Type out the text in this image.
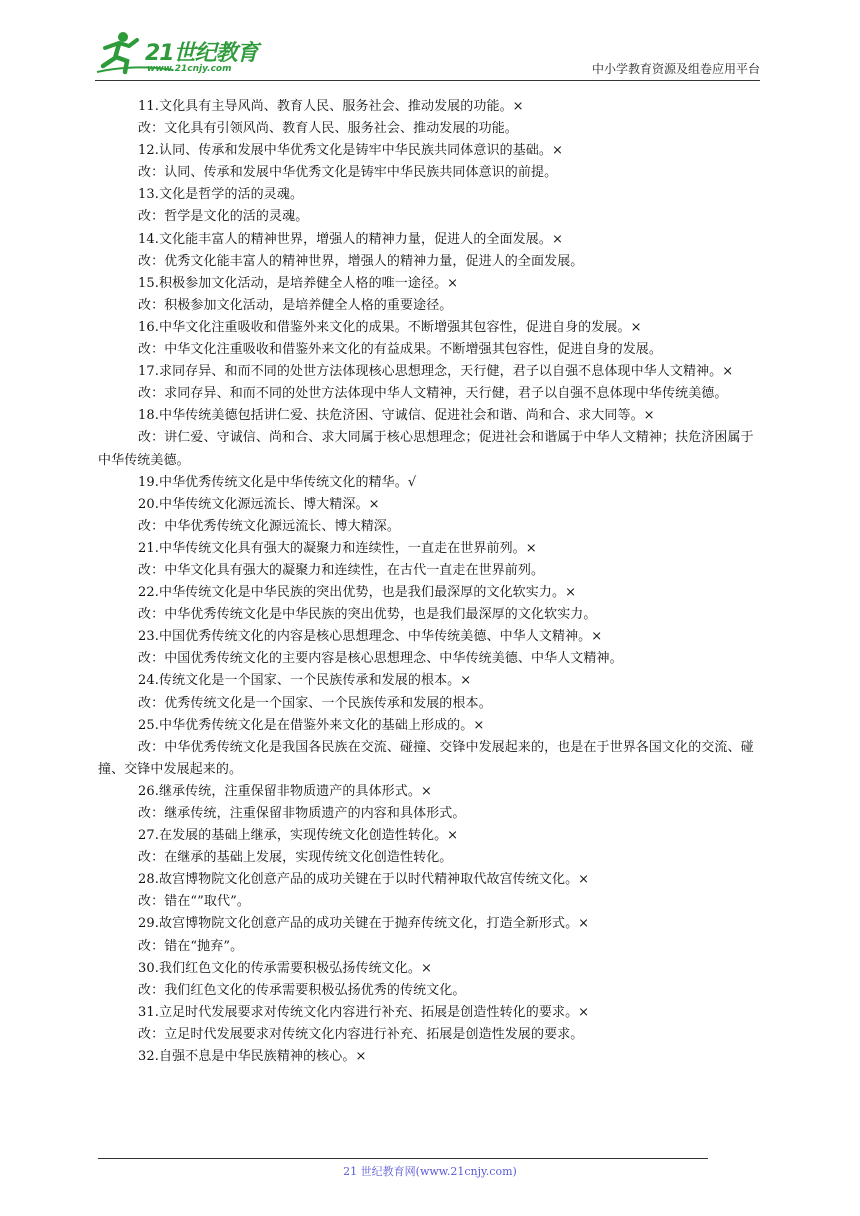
21世纪教育
www.21cnjy.com	中小学教育资源及组卷应用平台

11.文化具有主导风尚、教育人民、服务社会、推动发展的功能。×

改：文化具有引领风尚、教育人民、服务社会、推动发展的功能。

12.认同、传承和发展中华优秀文化是铸牢中华民族共同体意识的基础。×

改：认同、传承和发展中华优秀文化是铸牢中华民族共同体意识的前提。

13.文化是哲学的活的灵魂。

改：哲学是文化的活的灵魂。

14.文化能丰富人的精神世界，增强人的精神力量，促进人的全面发展。×

改：优秀文化能丰富人的精神世界，增强人的精神力量，促进人的全面发展。

15.积极参加文化活动，是培养健全人格的唯一途径。×

改：积极参加文化活动，是培养健全人格的重要途径。

16.中华文化注重吸收和借鉴外来文化的成果。不断增强其包容性，促进自身的发展。×

改：中华文化注重吸收和借鉴外来文化的有益成果。不断增强其包容性，促进自身的发展。

17.求同存异、和而不同的处世方法体现核心思想理念，天行健，君子以自强不息体现中华人文精神。×

改：求同存异、和而不同的处世方法体现中华人文精神，天行健，君子以自强不息体现中华传统美德。

18.中华传统美德包括讲仁爱、扶危济困、守诚信、促进社会和谐、尚和合、求大同等。×

改：讲仁爱、守诚信、尚和合、求大同属于核心思想理念；促进社会和谐属于中华人文精神；扶危济困属于中华传统美德。

19.中华优秀传统文化是中华传统文化的精华。√

20.中华传统文化源远流长、博大精深。×

改：中华优秀传统文化源远流长、博大精深。

21.中华传统文化具有强大的凝聚力和连续性，一直走在世界前列。×

改：中华文化具有强大的凝聚力和连续性，在古代一直走在世界前列。

22.中华传统文化是中华民族的突出优势，也是我们最深厚的文化软实力。×

改：中华优秀传统文化是中华民族的突出优势，也是我们最深厚的文化软实力。

23.中国优秀传统文化的内容是核心思想理念、中华传统美德、中华人文精神。×

改：中国优秀传统文化的主要内容是核心思想理念、中华传统美德、中华人文精神。

24.传统文化是一个国家、一个民族传承和发展的根本。×

改：优秀传统文化是一个国家、一个民族传承和发展的根本。

25.中华优秀传统文化是在借鉴外来文化的基础上形成的。×

改：中华优秀传统文化是我国各民族在交流、碰撞、交锋中发展起来的，也是在于世界各国文化的交流、碰撞、交锋中发展起来的。

26.继承传统，注重保留非物质遗产的具体形式。×

改：继承传统，注重保留非物质遗产的内容和具体形式。

27.在发展的基础上继承，实现传统文化创造性转化。×

改：在继承的基础上发展，实现传统文化创造性转化。

28.故宫博物院文化创意产品的成功关键在于以时代精神取代故宫传统文化。×

改：错在“”取代”。

29.故宫博物院文化创意产品的成功关键在于抛弃传统文化，打造全新形式。×

改：错在“抛弃”。

30.我们红色文化的传承需要积极弘扬传统文化。×

改：我们红色文化的传承需要积极弘扬优秀的传统文化。

31.立足时代发展要求对传统文化内容进行补充、拓展是创造性转化的要求。×

改：立足时代发展要求对传统文化内容进行补充、拓展是创造性发展的要求。

32.自强不息是中华民族精神的核心。×

21 世纪教育网(www.21cnjy.com)
